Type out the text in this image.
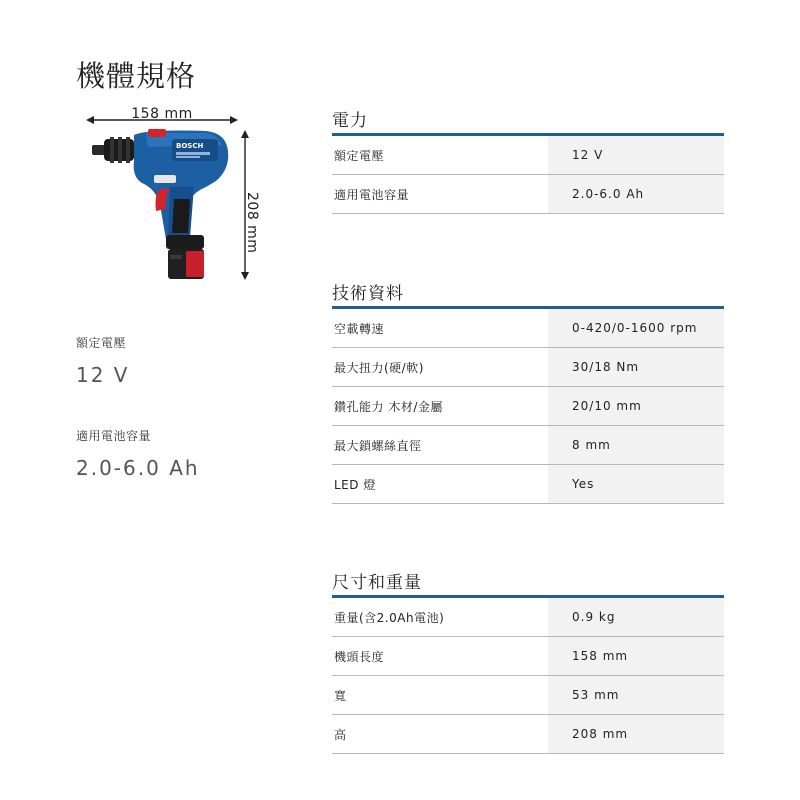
機體規格
158 mm
208 mm
BOSCH
額定電壓
12 V
適用電池容量
2.0-6.0 Ah
電力
額定電壓	12 V
適用電池容量	2.0-6.0 Ah
技術資料
空載轉速	0-420/0-1600 rpm
最大扭力(硬/軟)	30/18 Nm
鑽孔能力 木材/金屬	20/10 mm
最大鎖螺絲直徑	8 mm
LED 燈	Yes
尺寸和重量
重量(含2.0Ah電池)	0.9 kg
機頭長度	158 mm
寬	53 mm
高	208 mm
